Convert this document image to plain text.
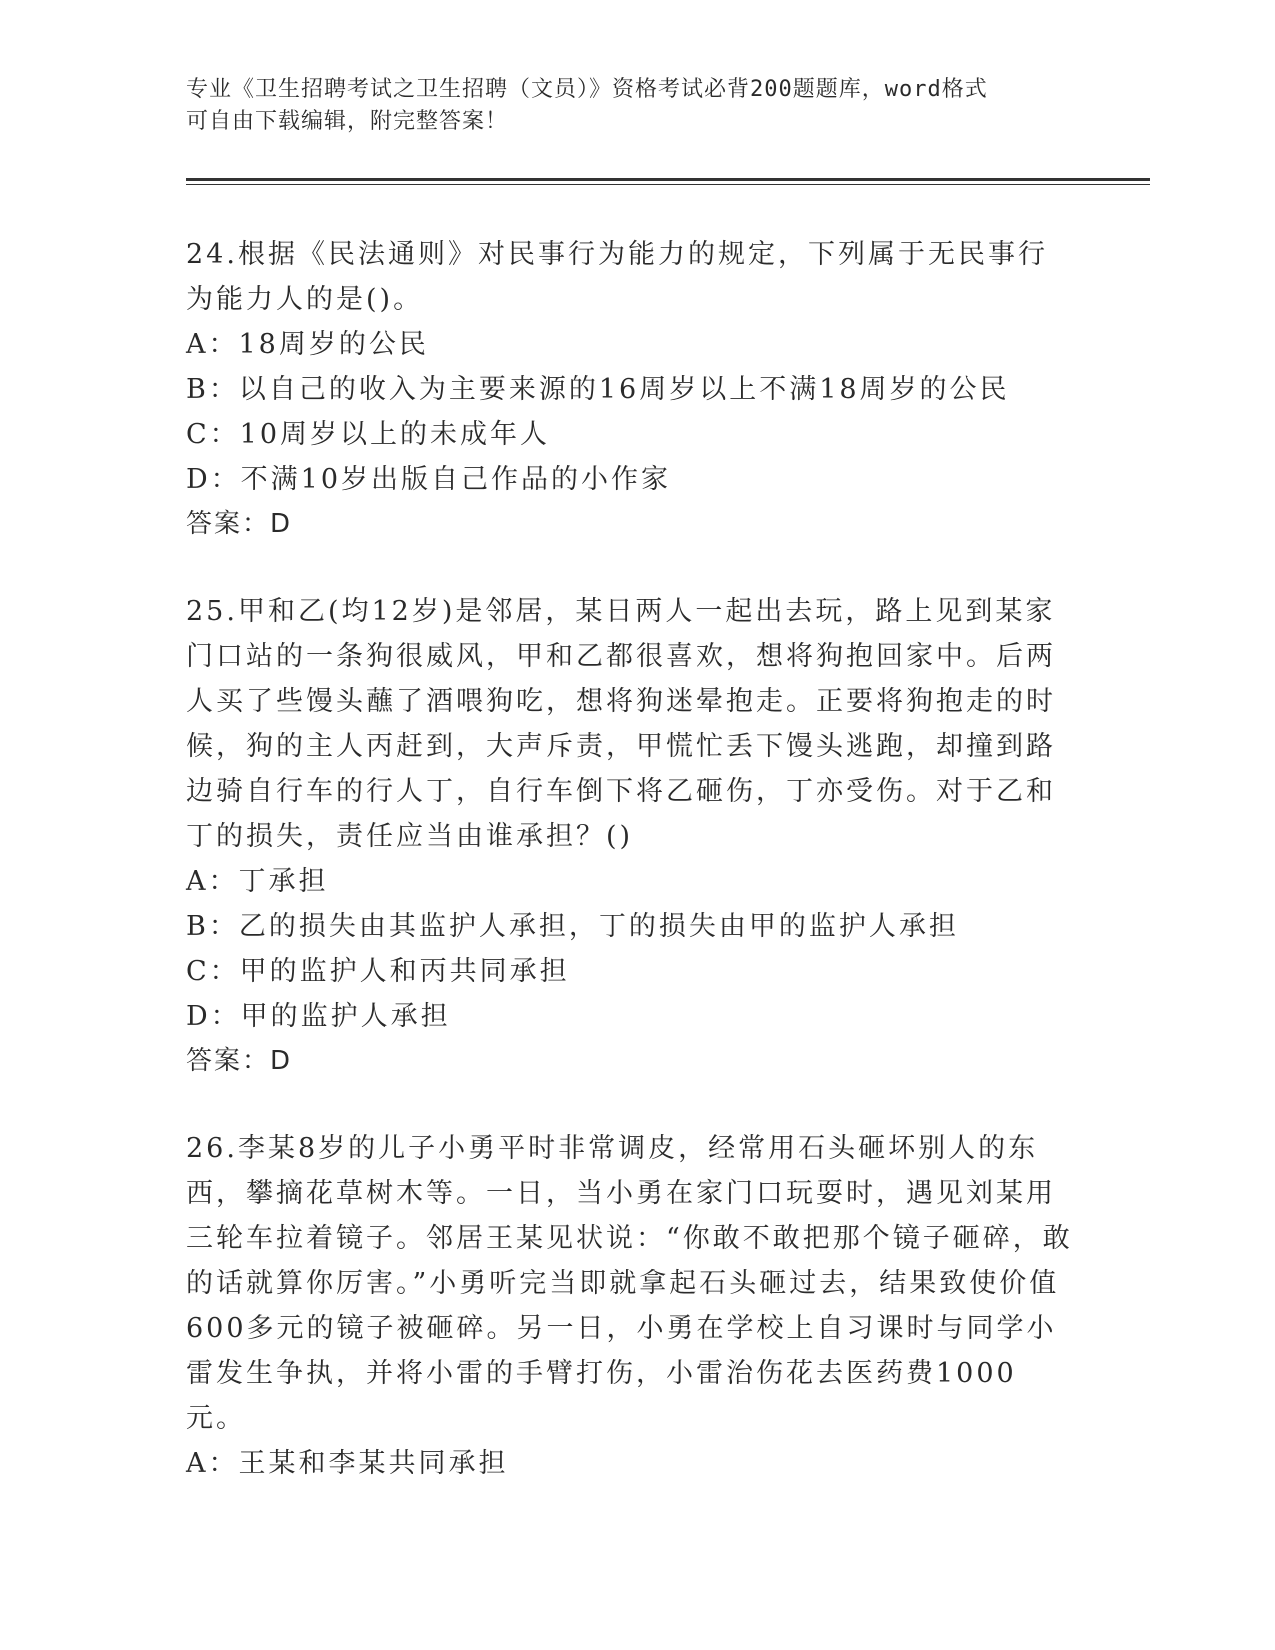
专业《卫生招聘考试之卫生招聘（文员）》资格考试必背200题题库，word格式
可自由下载编辑，附完整答案！
24.根据《民法通则》对民事行为能力的规定，下列属于无民事行为能力人的是()。
A：18周岁的公民
B：以自己的收入为主要来源的16周岁以上不满18周岁的公民
C：10周岁以上的未成年人
D：不满10岁出版自己作品的小作家
答案：D
25.甲和乙(均12岁)是邻居，某日两人一起出去玩，路上见到某家门口站的一条狗很威风，甲和乙都很喜欢，想将狗抱回家中。后两人买了些馒头蘸了酒喂狗吃，想将狗迷晕抱走。正要将狗抱走的时候，狗的主人丙赶到，大声斥责，甲慌忙丢下馒头逃跑，却撞到路边骑自行车的行人丁，自行车倒下将乙砸伤，丁亦受伤。对于乙和丁的损失，责任应当由谁承担？()
A：丁承担
B：乙的损失由其监护人承担，丁的损失由甲的监护人承担
C：甲的监护人和丙共同承担
D：甲的监护人承担
答案：D
26.李某8岁的儿子小勇平时非常调皮，经常用石头砸坏别人的东西，攀摘花草树木等。一日，当小勇在家门口玩耍时，遇见刘某用三轮车拉着镜子。邻居王某见状说：“你敢不敢把那个镜子砸碎，敢的话就算你厉害。”小勇听完当即就拿起石头砸过去，结果致使价值600多元的镜子被砸碎。另一日，小勇在学校上自习课时与同学小雷发生争执，并将小雷的手臂打伤，小雷治伤花去医药费1000元。
A：王某和李某共同承担
